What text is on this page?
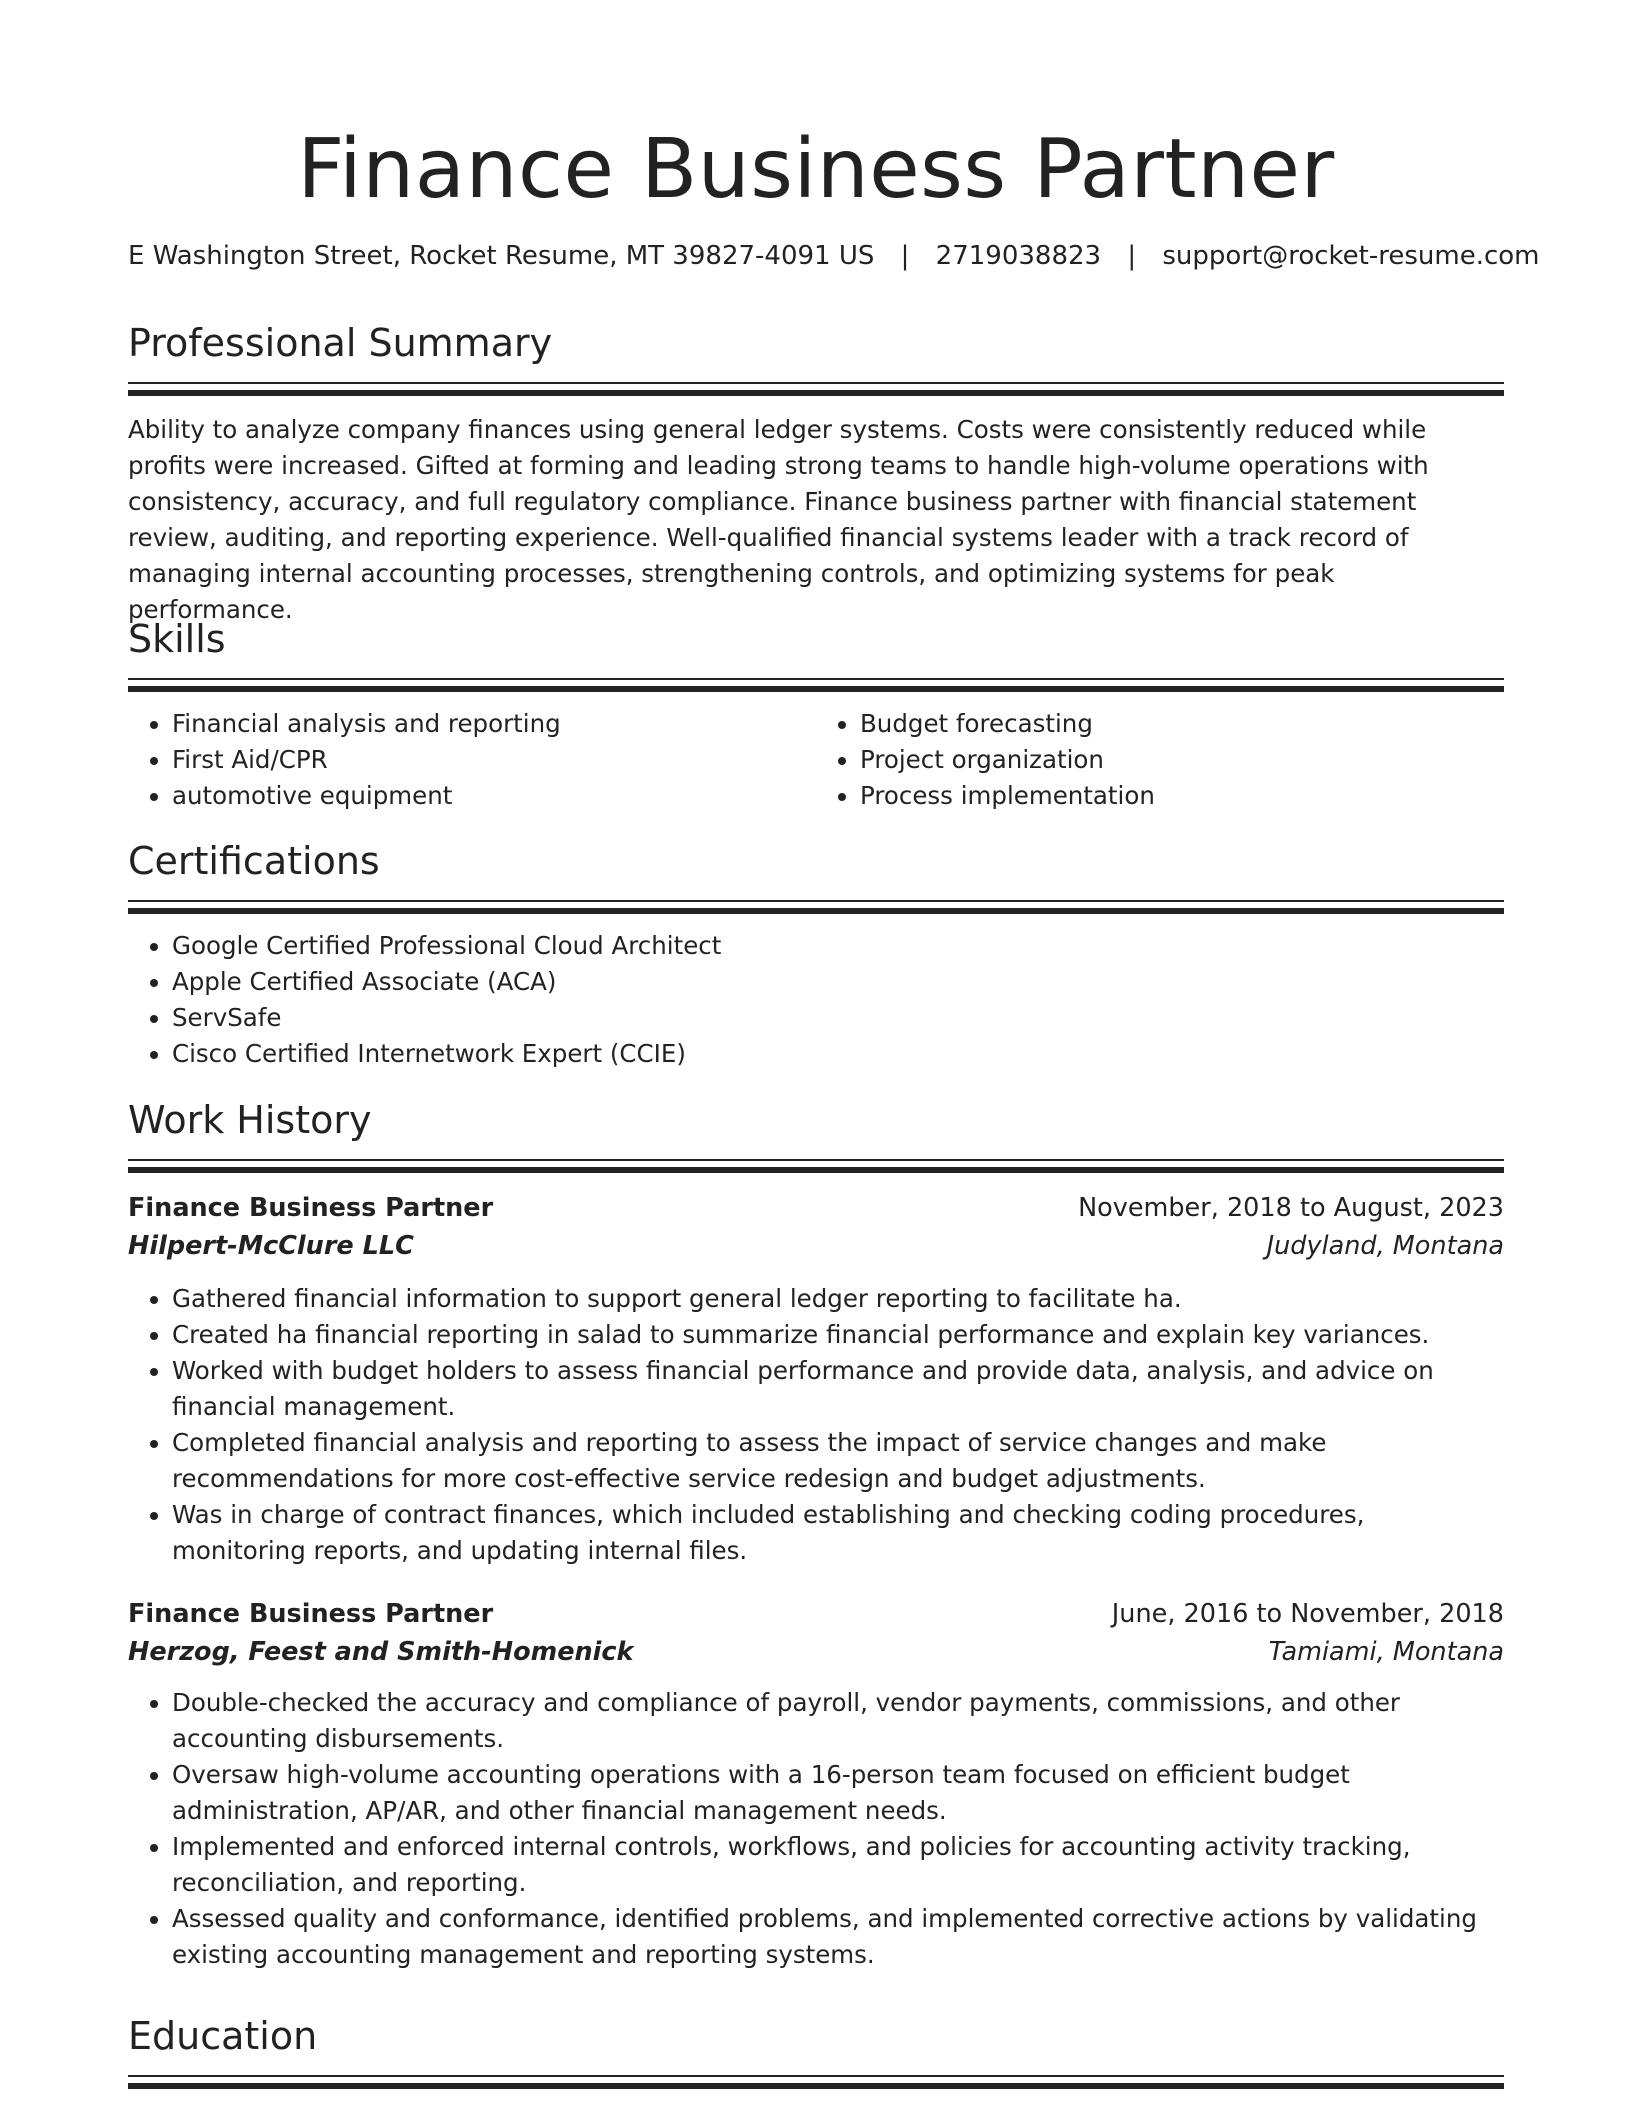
Finance Business Partner
E Washington Street, Rocket Resume, MT 39827-4091 US | 2719038823 | support@rocket-resume.com
Professional Summary

Ability to analyze company finances using general ledger systems. Costs were consistently reduced while profits were increased. Gifted at forming and leading strong teams to handle high-volume operations with consistency, accuracy, and full regulatory compliance. Finance business partner with financial statement review, auditing, and reporting experience. Well-qualified financial systems leader with a track record of managing internal accounting processes, strengthening controls, and optimizing systems for peak performance.

Skills
• Financial analysis and reporting
• First Aid/CPR
• automotive equipment
• Budget forecasting
• Project organization
• Process implementation
Certifications
• Google Certified Professional Cloud Architect
• Apple Certified Associate (ACA)
• ServSafe
• Cisco Certified Internetwork Expert (CCIE)
Work History
Finance Business Partner	November, 2018 to August, 2023
Hilpert-McClure LLC	Judyland, Montana
• Gathered financial information to support general ledger reporting to facilitate ha.
• Created ha financial reporting in salad to summarize financial performance and explain key variances.
• Worked with budget holders to assess financial performance and provide data, analysis, and advice on financial management.
• Completed financial analysis and reporting to assess the impact of service changes and make recommendations for more cost-effective service redesign and budget adjustments.
• Was in charge of contract finances, which included establishing and checking coding procedures, monitoring reports, and updating internal files.
Finance Business Partner	June, 2016 to November, 2018
Herzog, Feest and Smith-Homenick	Tamiami, Montana
• Double-checked the accuracy and compliance of payroll, vendor payments, commissions, and other accounting disbursements.
• Oversaw high-volume accounting operations with a 16-person team focused on efficient budget administration, AP/AR, and other financial management needs.
• Implemented and enforced internal controls, workflows, and policies for accounting activity tracking, reconciliation, and reporting.
• Assessed quality and conformance, identified problems, and implemented corrective actions by validating existing accounting management and reporting systems.
Education
